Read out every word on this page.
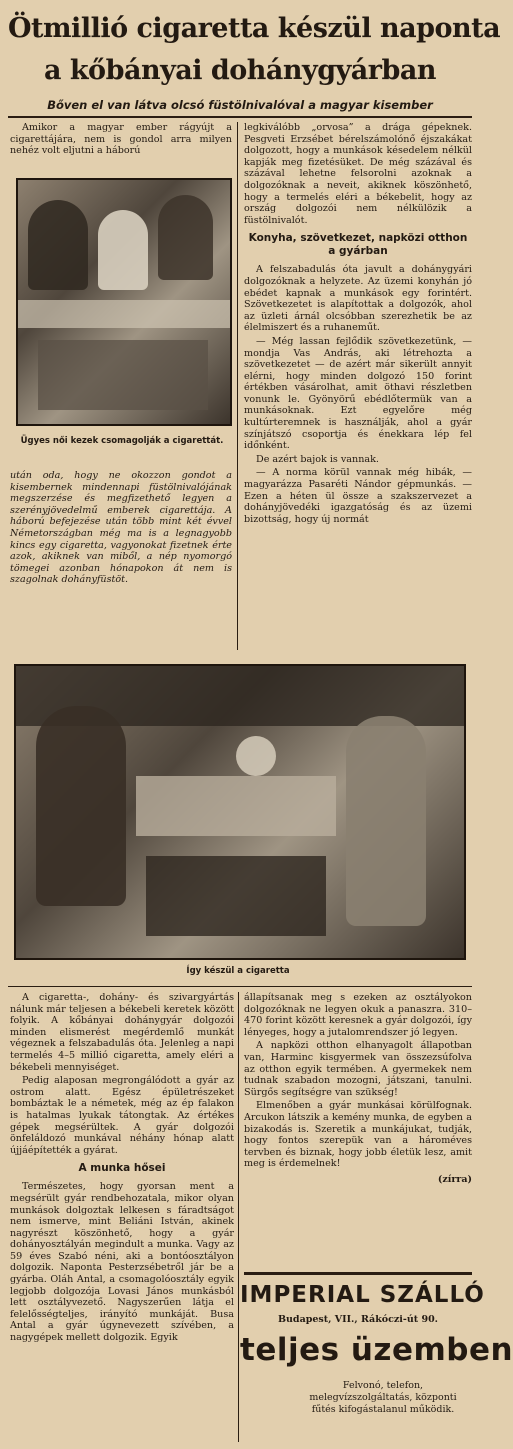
Ötmillió cigaretta készül naponta
a kőbányai dohánygyárban
Bőven el van látva olcsó füstölnivalóval a magyar kisember

Amikor a magyar ember rágyújt a cigarettájára, nem is gondol arra milyen nehéz volt eljutni a háború

Ügyes női kezek csomagolják a cigarettát.

után oda, hogy ne okozzon gondot a kisembernek mindennapi füstölnivalójának megszerzése és megfizethető legyen a szerényjövedelmű emberek cigarettája. A háború befejezése után több mint két évvel Németországban még ma is a legnagyobb kincs egy cigaretta, vagyonokat fizetnek érte azok, akiknek van miből, a nép nyomorgó tömegei azonban hónapokon át nem is szagolnak dohányfüstöt.

legkiválóbb „orvosa” a drága gépeknek. Pesgveti Erzsébet bérelszámolónő éjszakákat dolgozott, hogy a munkások késedelem nélkül kapják meg fizetésüket. De még százával és százával lehetne felsorolni azoknak a dolgozóknak a neveit, akiknek köszönhető, hogy a termelés eléri a békebelit, hogy az ország dolgozói nem nélkülözik a füstölnivalót.

Konyha, szövetkezet, napközi otthon a gyárban

A felszabadulás óta javult a dohánygyári dolgozóknak a helyzete. Az üzemi konyhán jó ebédet kapnak a munkások egy forintért. Szövetkezetet is alapítottak a dolgozók, ahol az üzleti árnál olcsóbban szerezhetik be az élelmiszert és a ruhaneműt.

— Még lassan fejlődik szövetkezetünk, — mondja Vas András, aki létrehozta a szövetkezetet — de azért már sikerült annyit elérni, hogy minden dolgozó 150 forint értékben vásárolhat, amit öthavi részletben vonunk le. Gyönyörű ebédlőtermük van a munkásoknak. Ezt egyelőre még kultúrteremnek is használják, ahol a gyár színjátszó csoportja és énekkara lép fel időnként.

De azért bajok is vannak.

— A norma körül vannak még hibák, — magyarázza Pasaréti Nándor gépmunkás. — Ezen a héten ül össze a szakszervezet a dohányjövedéki igazgatóság és az üzemi bizottság, hogy új normát

Így készül a cigaretta

A cigaretta-, dohány- és szivargyártás nálunk már teljesen a békebeli keretek között folyik. A kőbányai dohánygyár dolgozói minden elismerést megérdemlő munkát végeznek a felszabadulás óta. Jelenleg a napi termelés 4–5 millió cigaretta, amely eléri a békebeli mennyiséget.

Pedig alaposan megrongálódott a gyár az ostrom alatt. Egész épületrészeket bombáztak le a németek, még az ép falakon is hatalmas lyukak tátongtak. Az értékes gépek megsérültek. A gyár dolgozói önfeláldozó munkával néhány hónap alatt újjáépítették a gyárat.

A munka hősei

Természetes, hogy gyorsan ment a megsérült gyár rendbehozatala, mikor olyan munkások dolgoztak lelkesen s fáradtságot nem ismerve, mint Beliáni István, akinek nagyrészt köszönhető, hogy a gyár dohányosztályán megindult a munka. Vagy az 59 éves Szabó néni, aki a bontóosztályon dolgozik. Naponta Pesterzsébetről jár be a gyárba. Oláh Antal, a csomagolóosztály egyik legjobb dolgozója Lovasi János munkásból lett osztályvezető. Nagyszerűen látja el felelősségteljes, irányító munkáját. Busa Antal a gyár úgynevezett szívében, a nagygépek mellett dolgozik. Egyik

állapítsanak meg s ezeken az osztályokon dolgozóknak ne legyen okuk a panaszra. 310–470 forint között keresnek a gyár dolgozói, így lényeges, hogy a jutalomrendszer jó legyen.

A napközi otthon elhanyagolt állapotban van, Harminc kisgyermek van összezsúfolva az otthon egyik termében. A gyermekek nem tudnak szabadon mozogni, játszani, tanulni. Sürgős segítségre van szükség!

Elmenőben a gyár munkásai körülfognak. Arcukon látszik a kemény munka, de egyben a bizakodás is. Szeretik a munkájukat, tudják, hogy fontos szerepük van a hároméves tervben és biznak, hogy jobb életük lesz, amit meg is érdemelnek!

(zírra)
IMPERIAL SZÁLLÓ
Budapest, VII., Rákóczi-út 90.
teljes üzemben
Felvonó, telefon, melegvízszolgáltatás, központi fűtés kifogástalanul működik.
